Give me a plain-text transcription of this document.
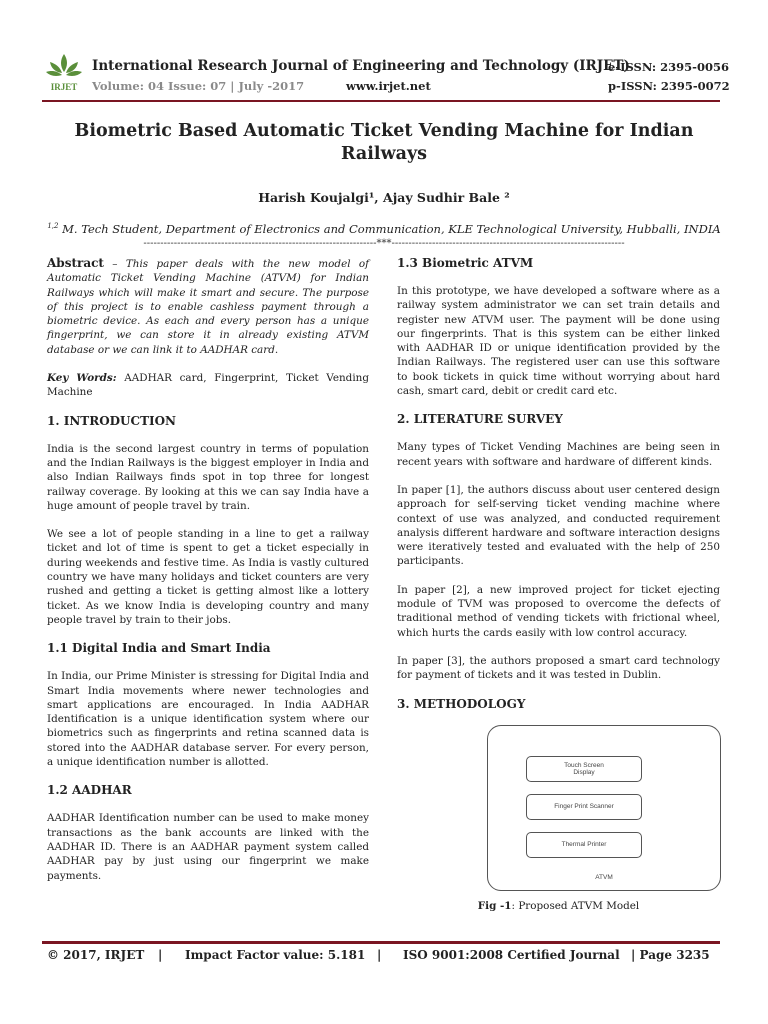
IRJET
International Research Journal of Engineering and Technology (IRJET)
Volume: 04 Issue: 07 | July -2017	www.irjet.net
e-ISSN: 2395-0056
p-ISSN: 2395-0072
Biometric Based Automatic Ticket Vending Machine for Indian Railways
Harish Koujalgi¹, Ajay Sudhir Bale ²
$^{1,2}$ M. Tech Student, Department of Electronics and Communication, KLE Technological University, Hubballi, INDIA
---------------------------------------------------------------------***---------------------------------------------------------------------

Abstract – This paper deals with the new model of Automatic Ticket Vending Machine (ATVM) for Indian Railways which will make it smart and secure. The purpose of this project is to enable cashless payment through a biometric device. As each and every person has a unique fingerprint, we can store it in already existing ATVM database or we can link it to AADHAR card.

Key Words: AADHAR card, Fingerprint, Ticket Vending Machine

1. INTRODUCTION

India is the second largest country in terms of population and the Indian Railways is the biggest employer in India and also Indian Railways finds spot in top three for longest railway coverage. By looking at this we can say India have a huge amount of people travel by train.

We see a lot of people standing in a line to get a railway ticket and lot of time is spent to get a ticket especially in during weekends and festive time. As India is vastly cultured country we have many holidays and ticket counters are very rushed and getting a ticket is getting almost like a lottery ticket. As we know India is developing country and many people travel by train to their jobs.

1.1 Digital India and Smart India

In India, our Prime Minister is stressing for Digital India and Smart India movements where newer technologies and smart applications are encouraged. In India AADHAR Identification is a unique identification system where our biometrics such as fingerprints and retina scanned data is stored into the AADHAR database server. For every person, a unique identification number is allotted.

1.2 AADHAR

AADHAR Identification number can be used to make money transactions as the bank accounts are linked with the AADHAR ID. There is an AADHAR payment system called AADHAR pay by just using our fingerprint we make payments.

1.3 Biometric ATVM

In this prototype, we have developed a software where as a railway system administrator we can set train details and register new ATVM user. The payment will be done using our fingerprints. That is this system can be either linked with AADHAR ID or unique identification provided by the Indian Railways. The registered user can use this software to book tickets in quick time without worrying about hard cash, smart card, debit or credit card etc.

2. LITERATURE SURVEY

Many types of Ticket Vending Machines are being seen in recent years with software and hardware of different kinds.

In paper [1], the authors discuss about user centered design approach for self-serving ticket vending machine where context of use was analyzed, and conducted requirement analysis different hardware and software interaction designs were iteratively tested and evaluated with the help of 250 participants.

In paper [2], a new improved project for ticket ejecting module of TVM was proposed to overcome the defects of traditional method of vending tickets with frictional wheel, which hurts the cards easily with low control accuracy.

In paper [3], the authors proposed a smart card technology for payment of tickets and it was tested in Dublin.

3. METHODOLOGY
Touch Screen Display
Finger Print Scanner
Thermal Printer
ATVM
Fig -1: Proposed ATVM Model
© 2017, IRJET | Impact Factor value: 5.181 | ISO 9001:2008 Certified Journal | Page 3235
